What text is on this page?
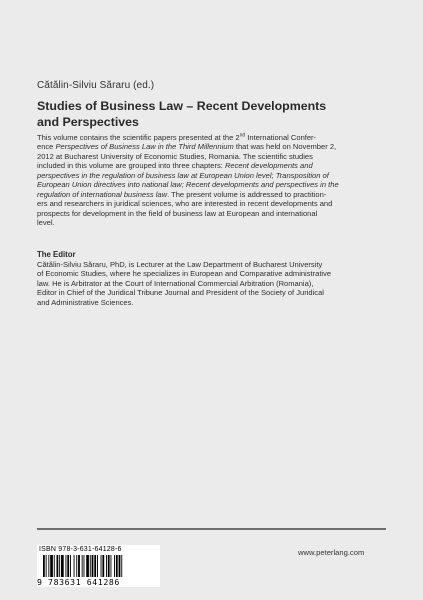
Cătălin-Silviu Săraru (ed.)
Studies of Business Law – Recent Developments
and Perspectives

This volume contains the scientific papers presented at the 2nd International Confer-

ence Perspectives of Business Law in the Third Millennium that was held on November 2,

2012 at Bucharest University of Economic Studies, Romania. The scientific studies

included in this volume are grouped into three chapters: Recent developments and

perspectives in the regulation of business law at European Union level; Transposition of

European Union directives into national law; Recent developments and perspectives in the

regulation of international business law. The present volume is addressed to practition-

ers and researchers in juridical sciences, who are interested in recent developments and

prospects for development in the field of business law at European and international

level.

The Editor
Cătălin-Silviu Săraru, PhD, is Lecturer at the Law Department of Bucharest University
of Economic Studies, where he specializes in European and Comparative administrative
law. He is Arbitrator at the Court of International Commercial Arbitration (Romania),
Editor in Chief of the Juridical Tribune Journal and President of the Society of Juridical
and Administrative Sciences.
ISBN 978-3-631-64128-6
9 783631 641286
www.peterlang.com
